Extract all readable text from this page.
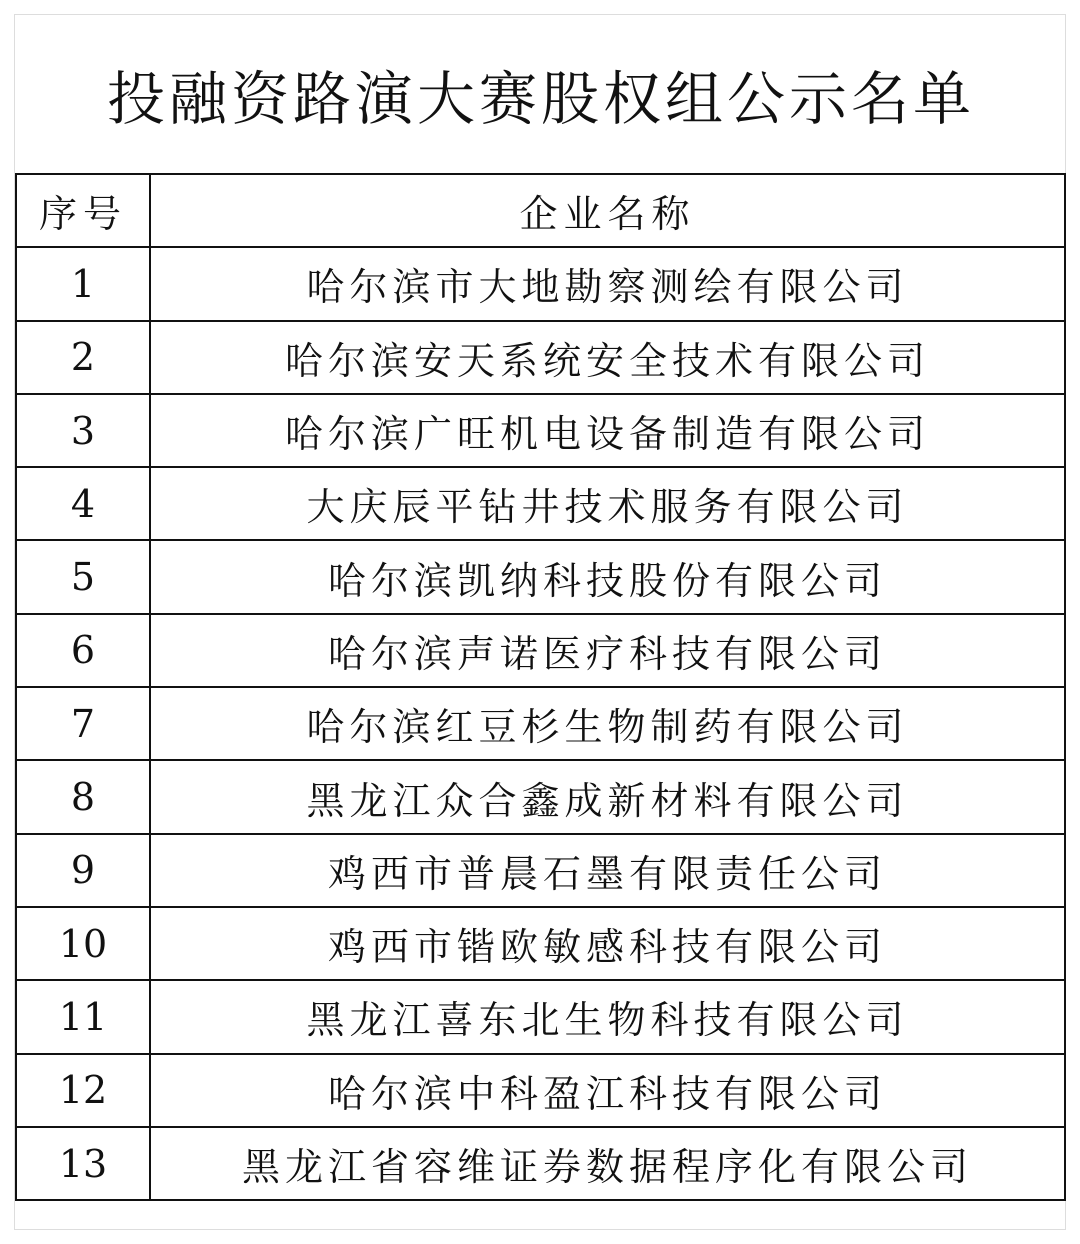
投融资路演大赛股权组公示名单
序号	企业名称
1	哈尔滨市大地勘察测绘有限公司
2	哈尔滨安天系统安全技术有限公司
3	哈尔滨广旺机电设备制造有限公司
4	大庆辰平钻井技术服务有限公司
5	哈尔滨凯纳科技股份有限公司
6	哈尔滨声诺医疗科技有限公司
7	哈尔滨红豆杉生物制药有限公司
8	黑龙江众合鑫成新材料有限公司
9	鸡西市普晨石墨有限责任公司
10	鸡西市锴欧敏感科技有限公司
11	黑龙江喜东北生物科技有限公司
12	哈尔滨中科盈江科技有限公司
13	黑龙江省容维证券数据程序化有限公司
